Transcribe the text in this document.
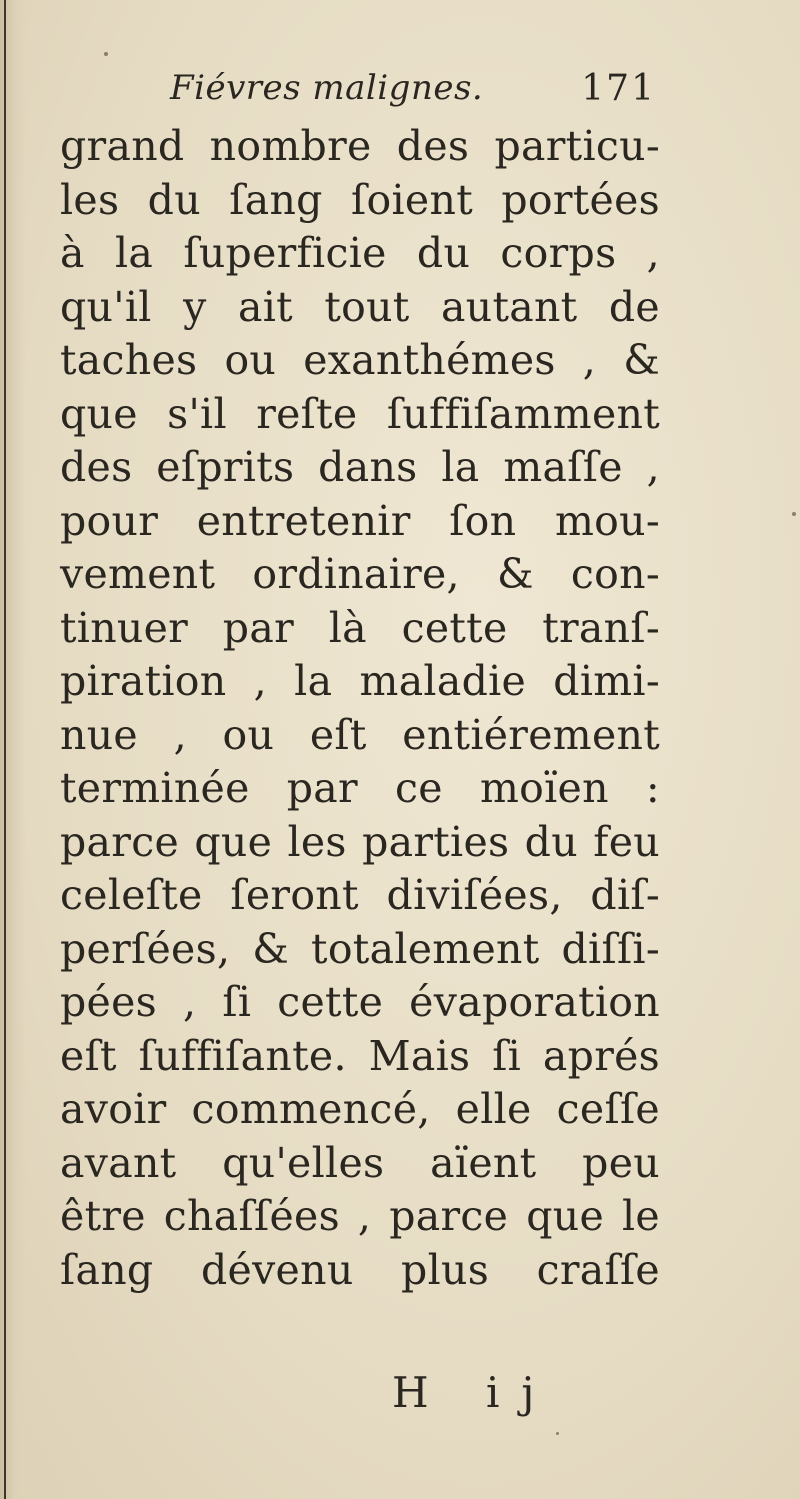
Fiévres malignes.	171
grand nombre des particu-
les du ſang ſoient portées
à la ſuperficie du corps ,
qu'il y ait tout autant de
taches ou exanthémes , &
que s'il reſte ſuffiſamment
des eſprits dans la maſſe ,
pour entretenir ſon mou-
vement ordinaire, & con-
tinuer par là cette tranſ-
piration , la maladie dimi-
nue , ou eſt entiérement
terminée par ce moïen :
parce que les parties du feu
celeſte ſeront diviſées, diſ-
perſées, & totalement diſſi-
pées , ſi cette évaporation
eſt ſuffiſante. Mais ſi aprés
avoir commencé, elle ceſſe
avant qu'elles aïent peu
être chaſſées , parce que le
ſang dévenu plus craſſe
H ij
